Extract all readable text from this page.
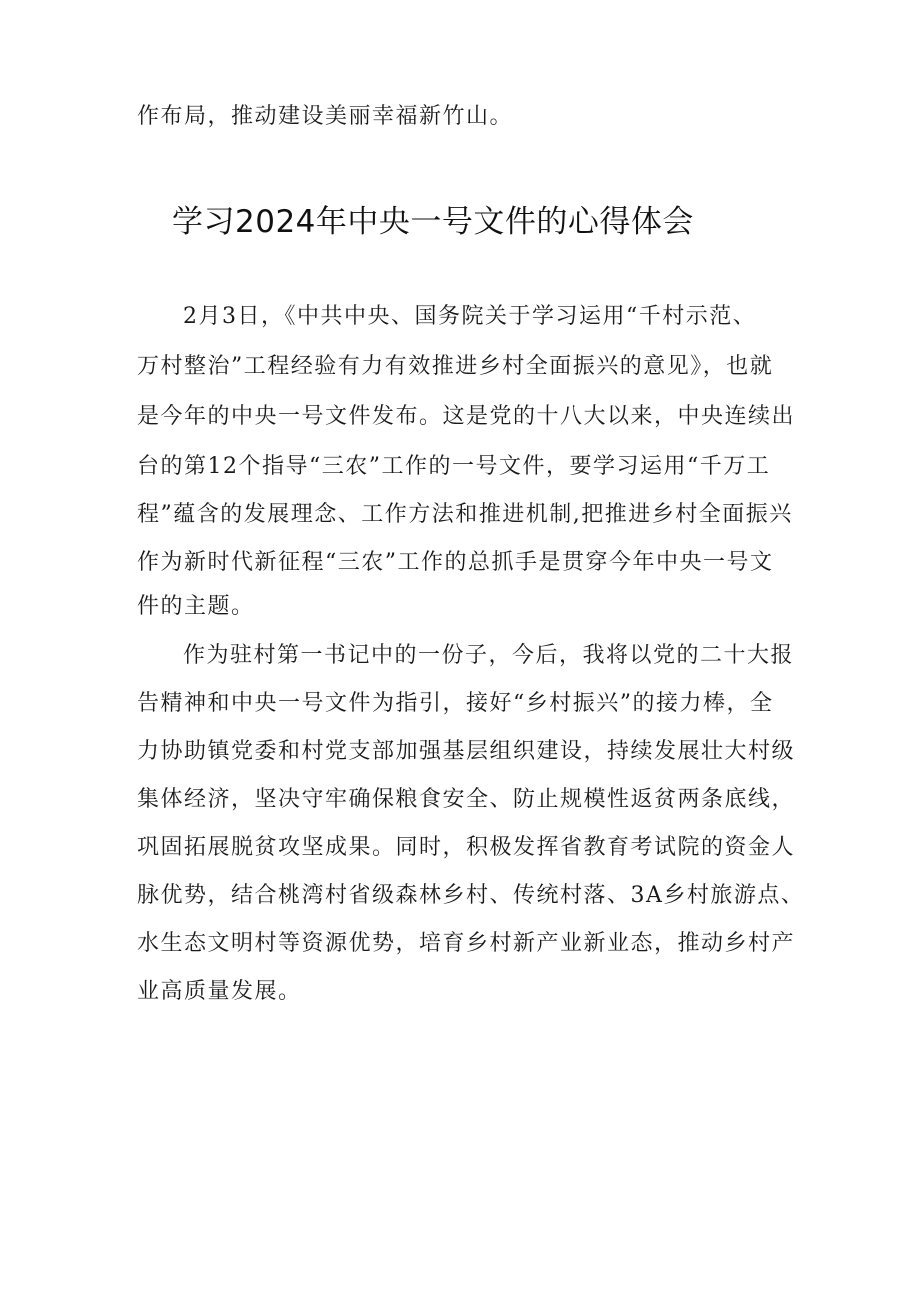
作布局，推动建设美丽幸福新竹山。
学习2024年中央一号文件的心得体会
2月3日，《中共中央、国务院关于学习运用“千村示范、
万村整治”工程经验有力有效推进乡村全面振兴的意见》，也就
是今年的中央一号文件发布。这是党的十八大以来，中央连续出
台的第12个指导“三农”工作的一号文件，要学习运用“千万工
程”蕴含的发展理念、工作方法和推进机制,把推进乡村全面振兴
作为新时代新征程“三农”工作的总抓手是贯穿今年中央一号文
件的主题。
作为驻村第一书记中的一份子，今后，我将以党的二十大报
告精神和中央一号文件为指引，接好“乡村振兴”的接力棒，全
力协助镇党委和村党支部加强基层组织建设，持续发展壮大村级
集体经济，坚决守牢确保粮食安全、防止规模性返贫两条底线，
巩固拓展脱贫攻坚成果。同时，积极发挥省教育考试院的资金人
脉优势，结合桃湾村省级森林乡村、传统村落、3A乡村旅游点、
水生态文明村等资源优势，培育乡村新产业新业态，推动乡村产
业高质量发展。
